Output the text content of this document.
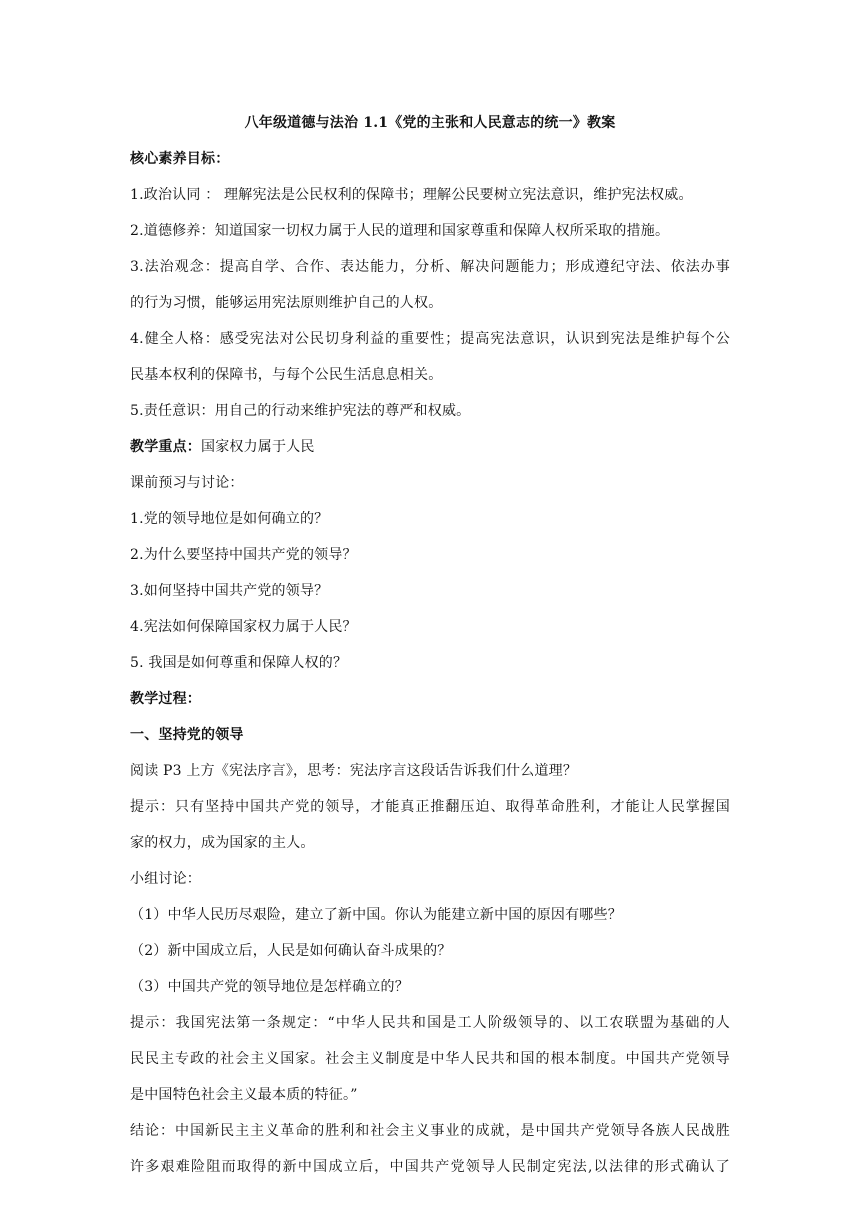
八年级道德与法治 1.1《党的主张和人民意志的统一》教案

核心素养目标：

1.政治认同 ： 理解宪法是公民权利的保障书；理解公民要树立宪法意识，维护宪法权威。

2.道德修养：知道国家一切权力属于人民的道理和国家尊重和保障人权所采取的措施。

3.法治观念：提高自学、合作、表达能力，分析、解决问题能力；形成遵纪守法、依法办事

的行为习惯，能够运用宪法原则维护自己的人权。

4.健全人格：感受宪法对公民切身利益的重要性；提高宪法意识，认识到宪法是维护每个公

民基本权利的保障书，与每个公民生活息息相关。

5.责任意识：用自己的行动来维护宪法的尊严和权威。

教学重点：国家权力属于人民

课前预习与讨论：

1.党的领导地位是如何确立的？

2.为什么要坚持中国共产党的领导？

3.如何坚持中国共产党的领导？

4.宪法如何保障国家权力属于人民？

5. 我国是如何尊重和保障人权的？

教学过程：

一、坚持党的领导

阅读 P3 上方《宪法序言》，思考：宪法序言这段话告诉我们什么道理？

提示：只有坚持中国共产党的领导，才能真正推翻压迫、取得革命胜利，才能让人民掌握国

家的权力，成为国家的主人。

小组讨论：

（1）中华人民历尽艰险，建立了新中国。你认为能建立新中国的原因有哪些？

（2）新中国成立后，人民是如何确认奋斗成果的？

（3）中国共产党的领导地位是怎样确立的？

提示：我国宪法第一条规定：“中华人民共和国是工人阶级领导的、以工农联盟为基础的人

民民主专政的社会主义国家。社会主义制度是中华人民共和国的根本制度。中国共产党领导

是中国特色社会主义最本质的特征。”

结论：中国新民主主义革命的胜利和社会主义事业的成就，是中国共产党领导各族人民战胜

许多艰难险阻而取得的新中国成立后，中国共产党领导人民制定宪法,以法律的形式确认了
